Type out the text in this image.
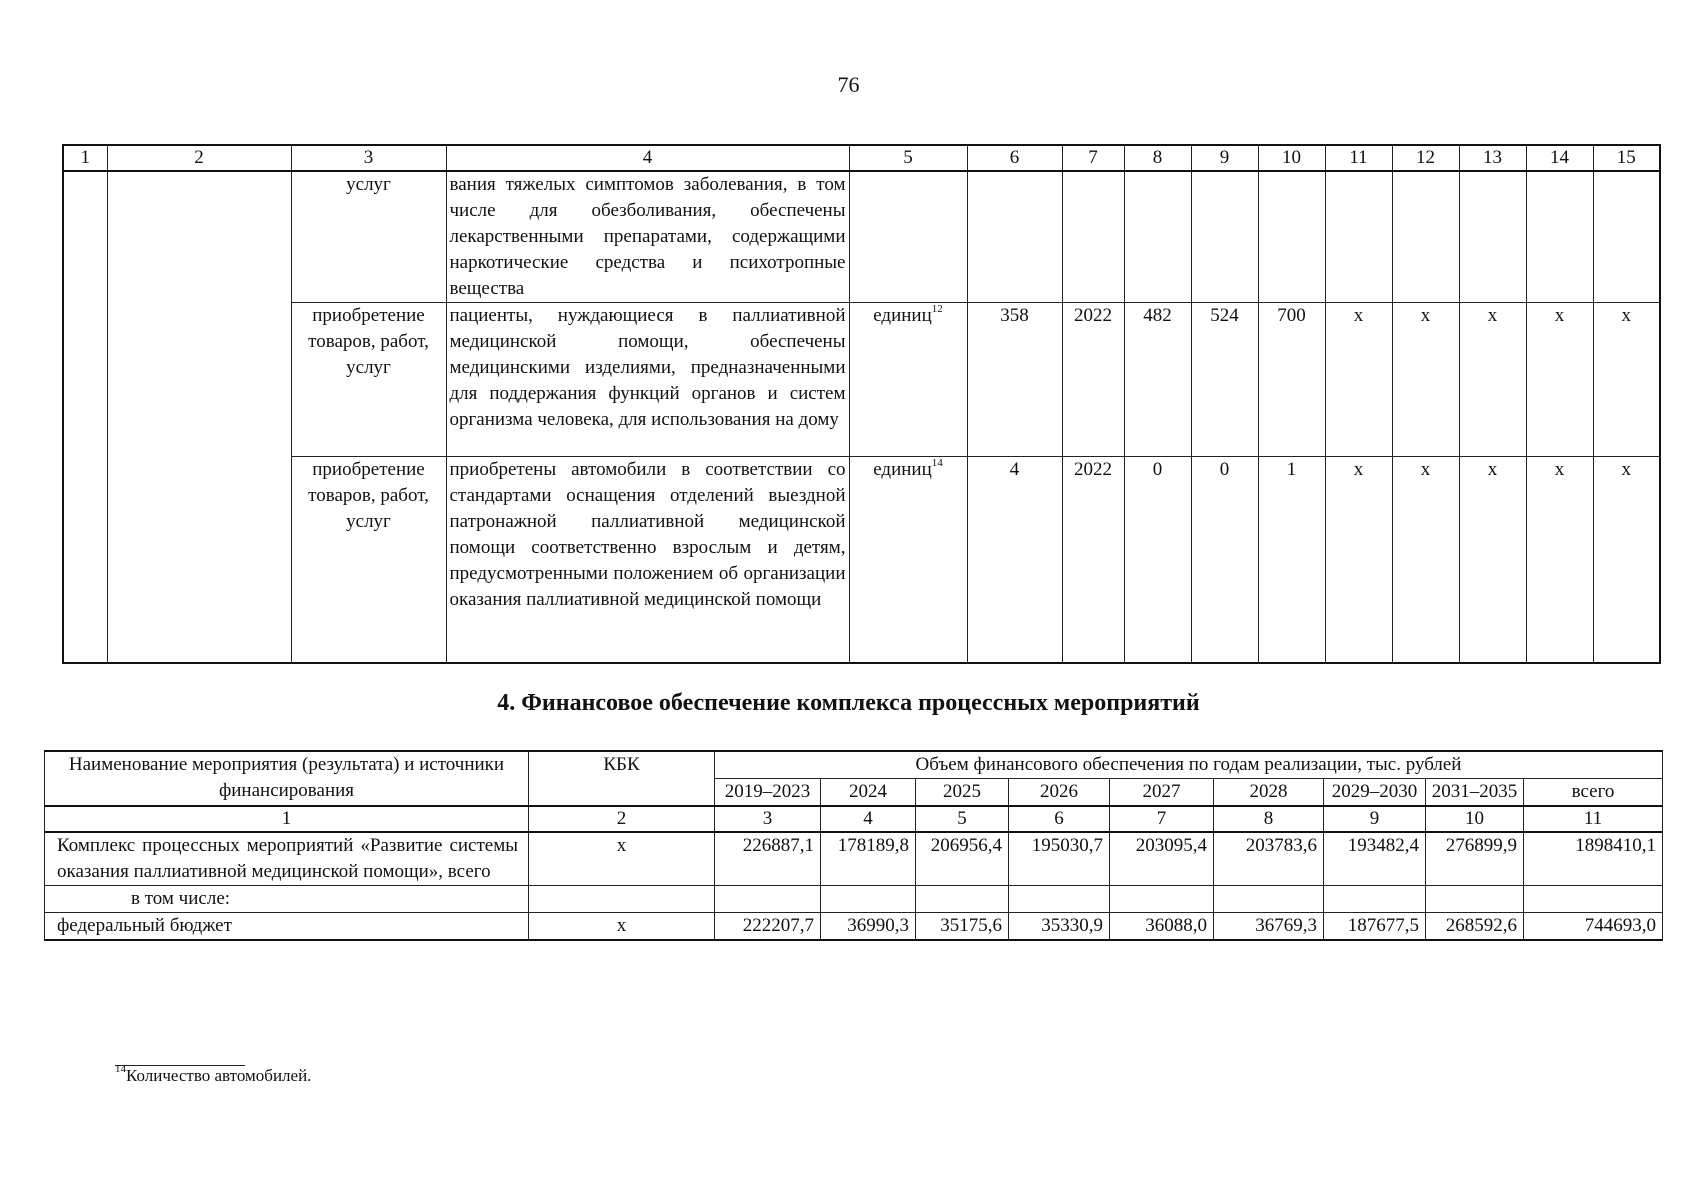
76
1	2	3	4	5	6	7	8	9	10	11	12	13	14	15
		услуг	вания тяжелых симптомов заболевания, в том числе для обезболивания, обеспечены лекарственными препаратами, содержащими наркотические средства и психотропные вещества											
		приобретение товаров, работ, услуг	пациенты, нуждающиеся в паллиативной медицинской помощи, обеспечены медицинскими изделиями, предназначенными для поддержания функций органов и систем организма человека, для использования на дому	единиц$^{12}$	358	2022	482	524	700	х	х	х	х	х
		приобретение товаров, работ, услуг	приобретены автомобили в соответствии со стандартами оснащения отделений выездной патронажной паллиативной медицинской помощи соответственно взрослым и детям, предусмотренными положением об организации оказания паллиативной медицинской помощи	единиц$^{14}$	4	2022	0	0	1	х	х	х	х	х
4. Финансовое обеспечение комплекса процессных мероприятий
Наименование мероприятия (результата) и источники финансирования	КБК	Объем финансового обеспечения по годам реализации, тыс. рублей								
		2019–2023	2024	2025	2026	2027	2028	2029–2030	2031–2035	всего
1	2	3	4	5	6	7	8	9	10	11
Комплекс процессных мероприятий «Развитие системы оказания паллиативной медицинской помощи», всего	х	226887,1	178189,8	206956,4	195030,7	203095,4	203783,6	193482,4	276899,9	1898410,1
в том числе:										
федеральный бюджет	х	222207,7	36990,3	35175,6	35330,9	36088,0	36769,3	187677,5	268592,6	744693,0
$^{14}$Количество автомобилей.
